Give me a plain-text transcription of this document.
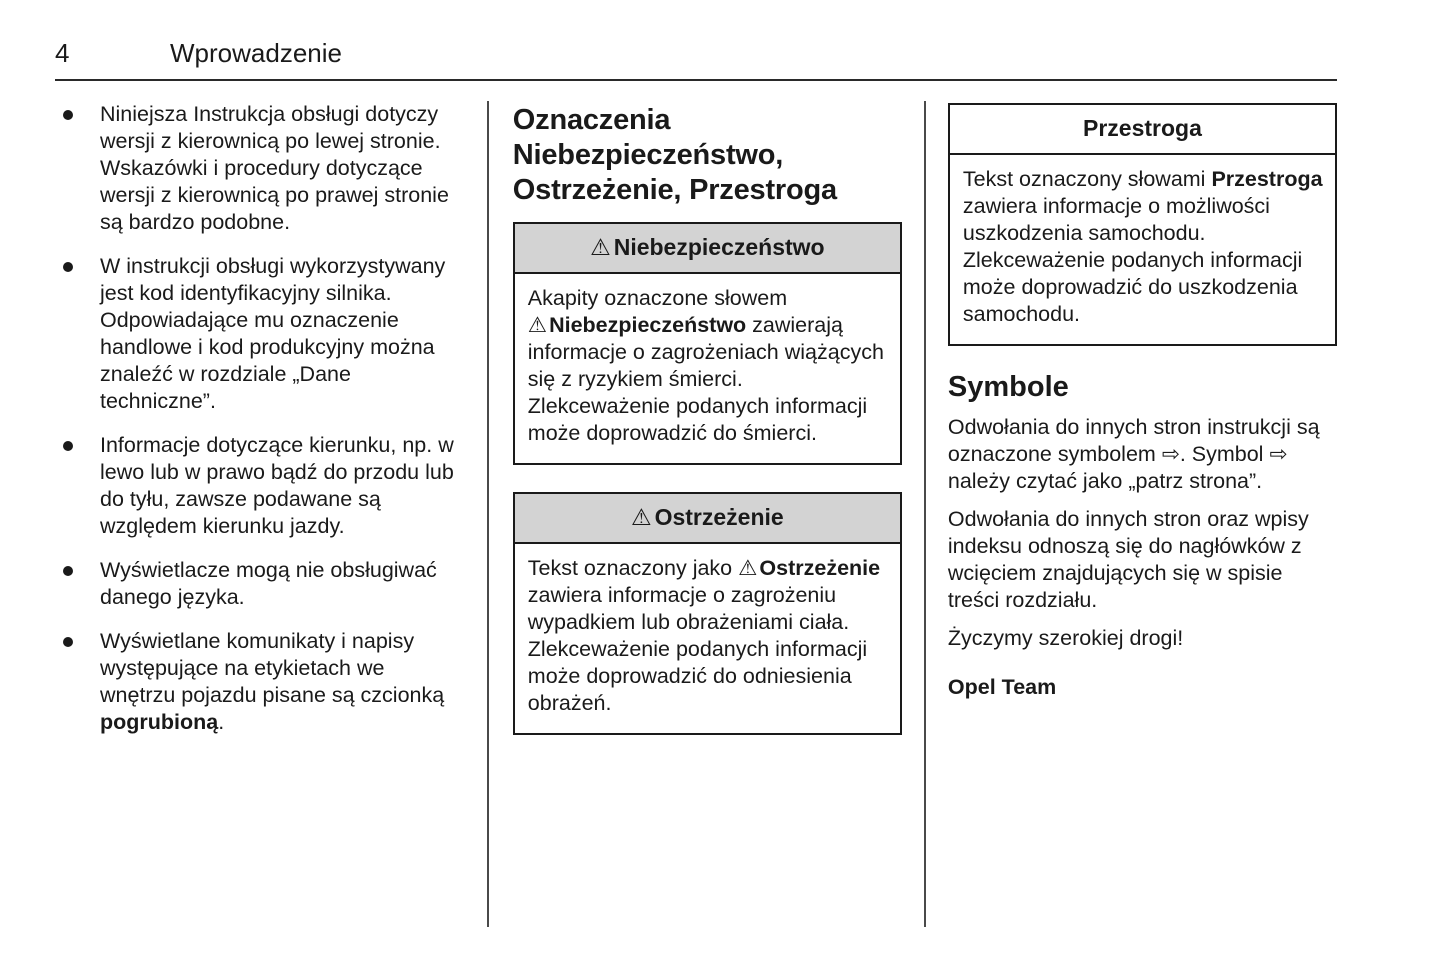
4	Wprowadzenie
Niniejsza Instrukcja obsługi dotyczy wersji z kierownicą po lewej stronie. Wskazówki i procedury dotyczące wersji z kierownicą po prawej stronie są bardzo podobne.
W instrukcji obsługi wykorzystywany jest kod identyfikacyjny silnika. Odpowiadające mu oznaczenie handlowe i kod produkcyjny można znaleźć w rozdziale „Dane techniczne”.
Informacje dotyczące kierunku, np. w lewo lub w prawo bądź do przodu lub do tyłu, zawsze podawane są względem kierunku jazdy.
Wyświetlacze mogą nie obsługiwać danego języka.
Wyświetlane komunikaty i napisy występujące na etykietach we wnętrzu pojazdu pisane są czcionką pogrubioną.
Oznaczenia
Niebezpieczeństwo,
Ostrzeżenie, Przestroga
⚠ Niebezpieczeństwo
Akapity oznaczone słowem ⚠Niebezpieczeństwo zawierają informacje o zagrożeniach wiążących się z ryzykiem śmierci. Zlekceważenie podanych informacji może doprowadzić do śmierci.
⚠ Ostrzeżenie
Tekst oznaczony jako ⚠Ostrzeżenie zawiera informacje o zagrożeniu wypadkiem lub obrażeniami ciała. Zlekceważenie podanych informacji może doprowadzić do odniesienia obrażeń.
Przestroga
Tekst oznaczony słowami Przestroga zawiera informacje o możliwości uszkodzenia samochodu. Zlekceważenie podanych informacji może doprowadzić do uszkodzenia samochodu.
Symbole

Odwołania do innych stron instrukcji są oznaczone symbolem ⇨. Symbol ⇨ należy czytać jako „patrz strona”.

Odwołania do innych stron oraz wpisy indeksu odnoszą się do nagłówków z wcięciem znajdujących się w spisie treści rozdziału.

Życzymy szerokiej drogi!

Opel Team
